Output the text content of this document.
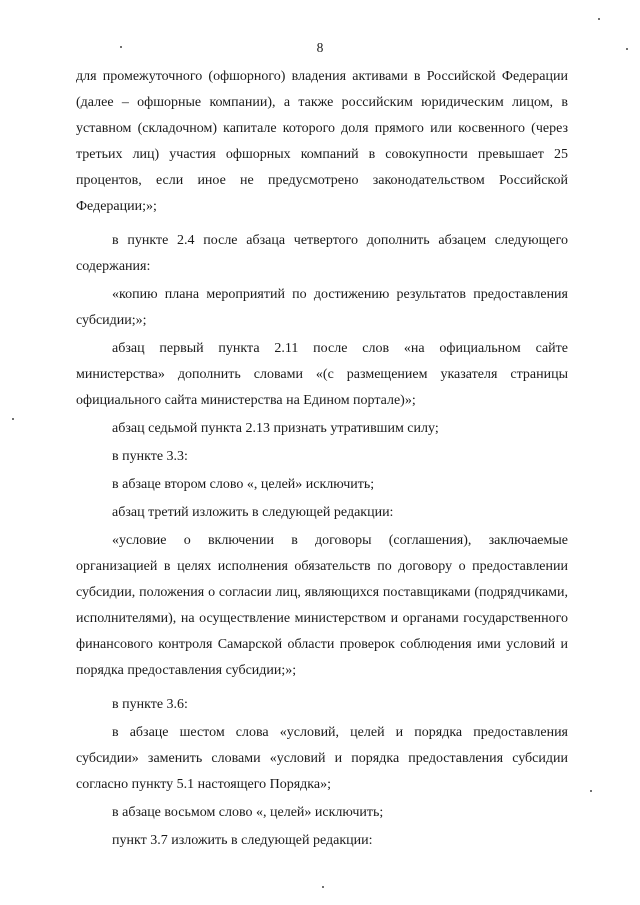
8

для промежуточного (офшорного) владения активами в Российской Федерации (далее – офшорные компании), а также российским юридическим лицом, в уставном (складочном) капитале которого доля прямого или косвенного (через третьих лиц) участия офшорных компаний в совокупности превышает 25 процентов, если иное не предусмотрено законодательством Российской Федерации;»;

в пункте 2.4 после абзаца четвертого дополнить абзацем следующего содержания:

«копию плана мероприятий по достижению результатов предоставления субсидии;»;

абзац первый пункта 2.11 после слов «на официальном сайте министерства» дополнить словами «(с размещением указателя страницы официального сайта министерства на Едином портале)»;

абзац седьмой пункта 2.13 признать утратившим силу;

в пункте 3.3:

в абзаце втором слово «, целей» исключить;

абзац третий изложить в следующей редакции:

«условие о включении в договоры (соглашения), заключаемые организацией в целях исполнения обязательств по договору о предоставлении субсидии, положения о согласии лиц, являющихся поставщиками (подрядчиками, исполнителями), на осуществление министерством и органами государственного финансового контроля Самарской области проверок соблюдения ими условий и порядка предоставления субсидии;»;

в пункте 3.6:

в абзаце шестом слова «условий, целей и порядка предоставления субсидии» заменить словами «условий и порядка предоставления субсидии согласно пункту 5.1 настоящего Порядка»;

в абзаце восьмом слово «, целей» исключить;

пункт 3.7 изложить в следующей редакции:
